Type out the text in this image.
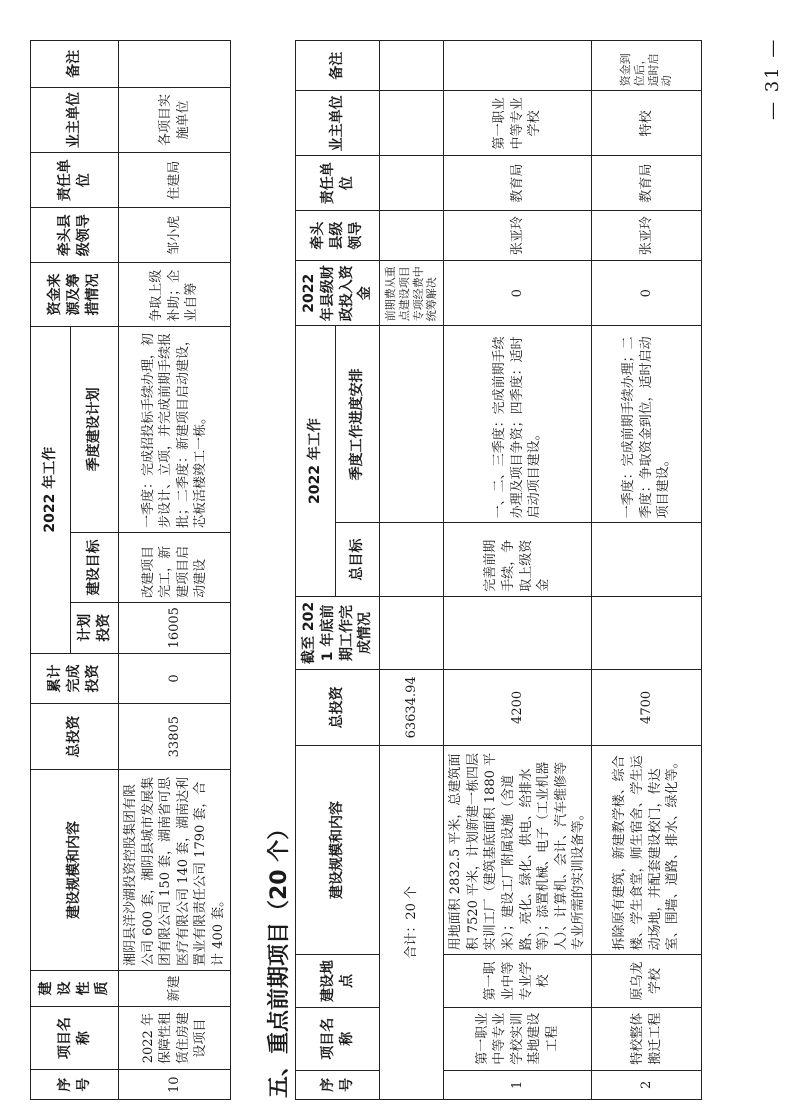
序号	项目名称	建设性质	建设规模和内容	总投资	累计完成投资	2022 年工作			资金来源及筹措情况	牵头县级领导	责任单位	业主单位	备注
						计划投资	建设目标	季度建设计划					
10	2022 年保障性租赁住房建设项目	新建	湘阴县洋沙湖投资控股集团有限公司 600 套，湘阴县城市发展集团有限公司 150 套，湖南省可思医疗有限公司 140 套，湖南达利置业有限责任公司 1790 套，合计 400 套。	33805	0	16005	改建项目完工，新建项目启动建设	一季度：完成招投标手续办理，初步设计、立项，并完成前期手续报批；二季度：新建项目启动建设，芯板活楼竣工一栋。	争取上级补助；企业自筹	邹小虎	住建局	各项目实施单位	
五、重点前期项目（20 个） 序号	项目名称	建设地点	建设规模和内容	总投资	截至 2021 年底前期工作完成情况	2022 年工作		2022 年县级财政投入资金	牵头县级领导	责任单位	业主单位	备注
						总目标	季度工作进度安排					
合计：20 个				63634.94				前期费从重点建设项目专项经费中统筹解决				
1	第一职业中等专业学校实训基地建设工程	第一职业中等专业学校	用地面积 2832.5 平米，总建筑面积 7520 平米，计划新建一栋四层实训工厂（建筑基底面积 1880 平米）；建设工厂附属设施（含道路、亮化、绿化、供电、给排水等）；添置机械、电子（工业机器人）、计算机、会计、汽车维修等专业所需的实训设备等。	4200		完善前期手续，争取上级资金	一、二、三季度：完成前期手续办理及项目争资；四季度：适时启动项目建设。	0	张亚玲	教育局	第一职业中等专业学校	
2	特校整体搬迁工程	原乌龙学校	拆除原有建筑，新建教学楼、综合楼、学生食堂，师生宿舍、学生运动场地，并配套建设校门，传达室、围墙、道路、排水、绿化等。	4700			一季度：完成前期手续办理；二季度：争取资金到位，适时启动项目建设。	0	张亚玲	教育局	特校	资金到位后，适时启动	— 31 —
